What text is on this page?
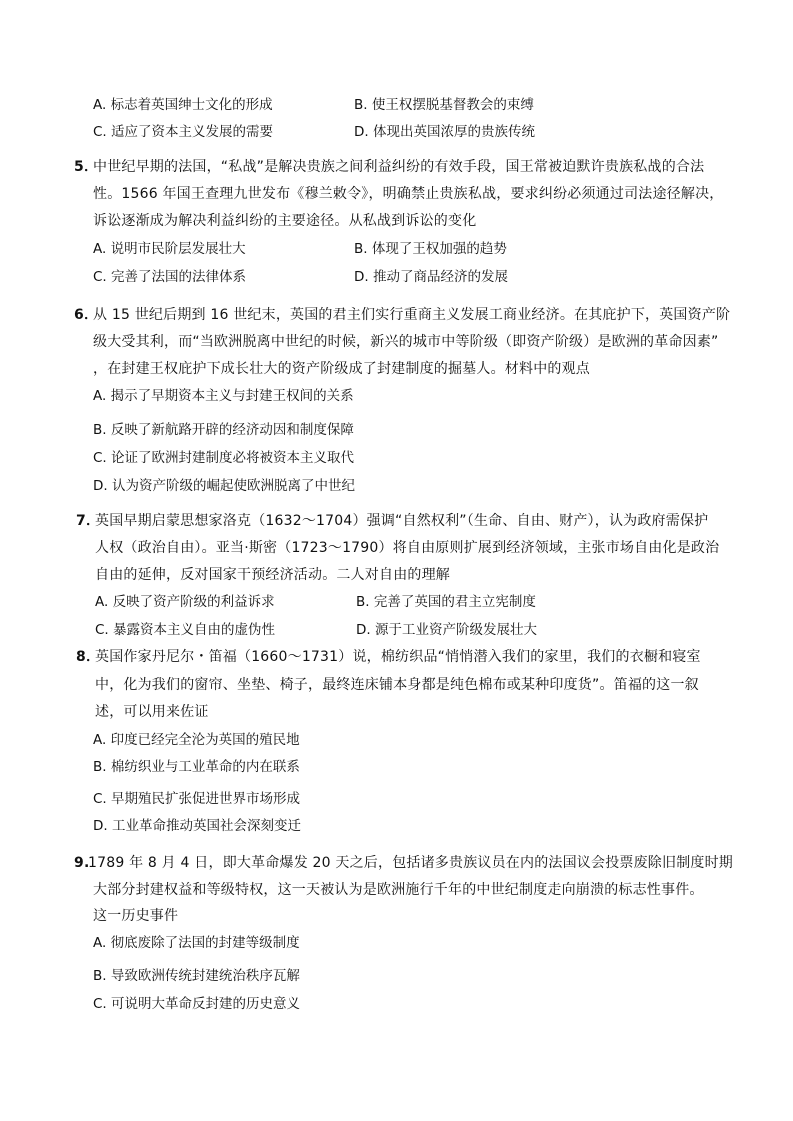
A. 标志着英国绅士文化的形成	B. 使王权摆脱基督教会的束缚
C. 适应了资本主义发展的需要	D. 体现出英国浓厚的贵族传统
5．
中世纪早期的法国，“私战”是解决贵族之间利益纠纷的有效手段，国王常被迫默许贵族私战的合法
性。1566 年国王查理九世发布《穆兰敕令》，明确禁止贵族私战，要求纠纷必须通过司法途径解决，
诉讼逐渐成为解决利益纠纷的主要途径。从私战到诉讼的变化
A. 说明市民阶层发展壮大	B. 体现了王权加强的趋势
C. 完善了法国的法律体系	D. 推动了商品经济的发展
6．
从 15 世纪后期到 16 世纪末，英国的君主们实行重商主义发展工商业经济。在其庇护下，英国资产阶
级大受其利，而“当欧洲脱离中世纪的时候，新兴的城市中等阶级（即资产阶级）是欧洲的革命因素”
，在封建王权庇护下成长壮大的资产阶级成了封建制度的掘墓人。材料中的观点
A. 揭示了早期资本主义与封建王权间的关系
B. 反映了新航路开辟的经济动因和制度保障
C. 论证了欧洲封建制度必将被资本主义取代
D. 认为资产阶级的崛起使欧洲脱离了中世纪
7．
英国早期启蒙思想家洛克（1632～1704）强调“自然权利”（生命、自由、财产），认为政府需保护
人权（政治自由）。亚当·斯密（1723～1790）将自由原则扩展到经济领域，主张市场自由化是政治
自由的延伸，反对国家干预经济活动。二人对自由的理解
A. 反映了资产阶级的利益诉求	B. 完善了英国的君主立宪制度
C. 暴露资本主义自由的虚伪性	D. 源于工业资产阶级发展壮大
8．
英国作家丹尼尔・笛福（1660～1731）说，棉纺织品“悄悄潜入我们的家里，我们的衣橱和寝室
中，化为我们的窗帘、坐垫、椅子，最终连床铺本身都是纯色棉布或某种印度货”。笛福的这一叙
述，可以用来佐证
A. 印度已经完全沦为英国的殖民地
B. 棉纺织业与工业革命的内在联系
C. 早期殖民扩张促进世界市场形成
D. 工业革命推动英国社会深刻变迁
9.
1789 年 8 月 4 日，即大革命爆发 20 天之后，包括诸多贵族议员在内的法国议会投票废除旧制度时期
大部分封建权益和等级特权，这一天被认为是欧洲施行千年的中世纪制度走向崩溃的标志性事件。
这一历史事件
A. 彻底废除了法国的封建等级制度
B. 导致欧洲传统封建统治秩序瓦解
C. 可说明大革命反封建的历史意义
